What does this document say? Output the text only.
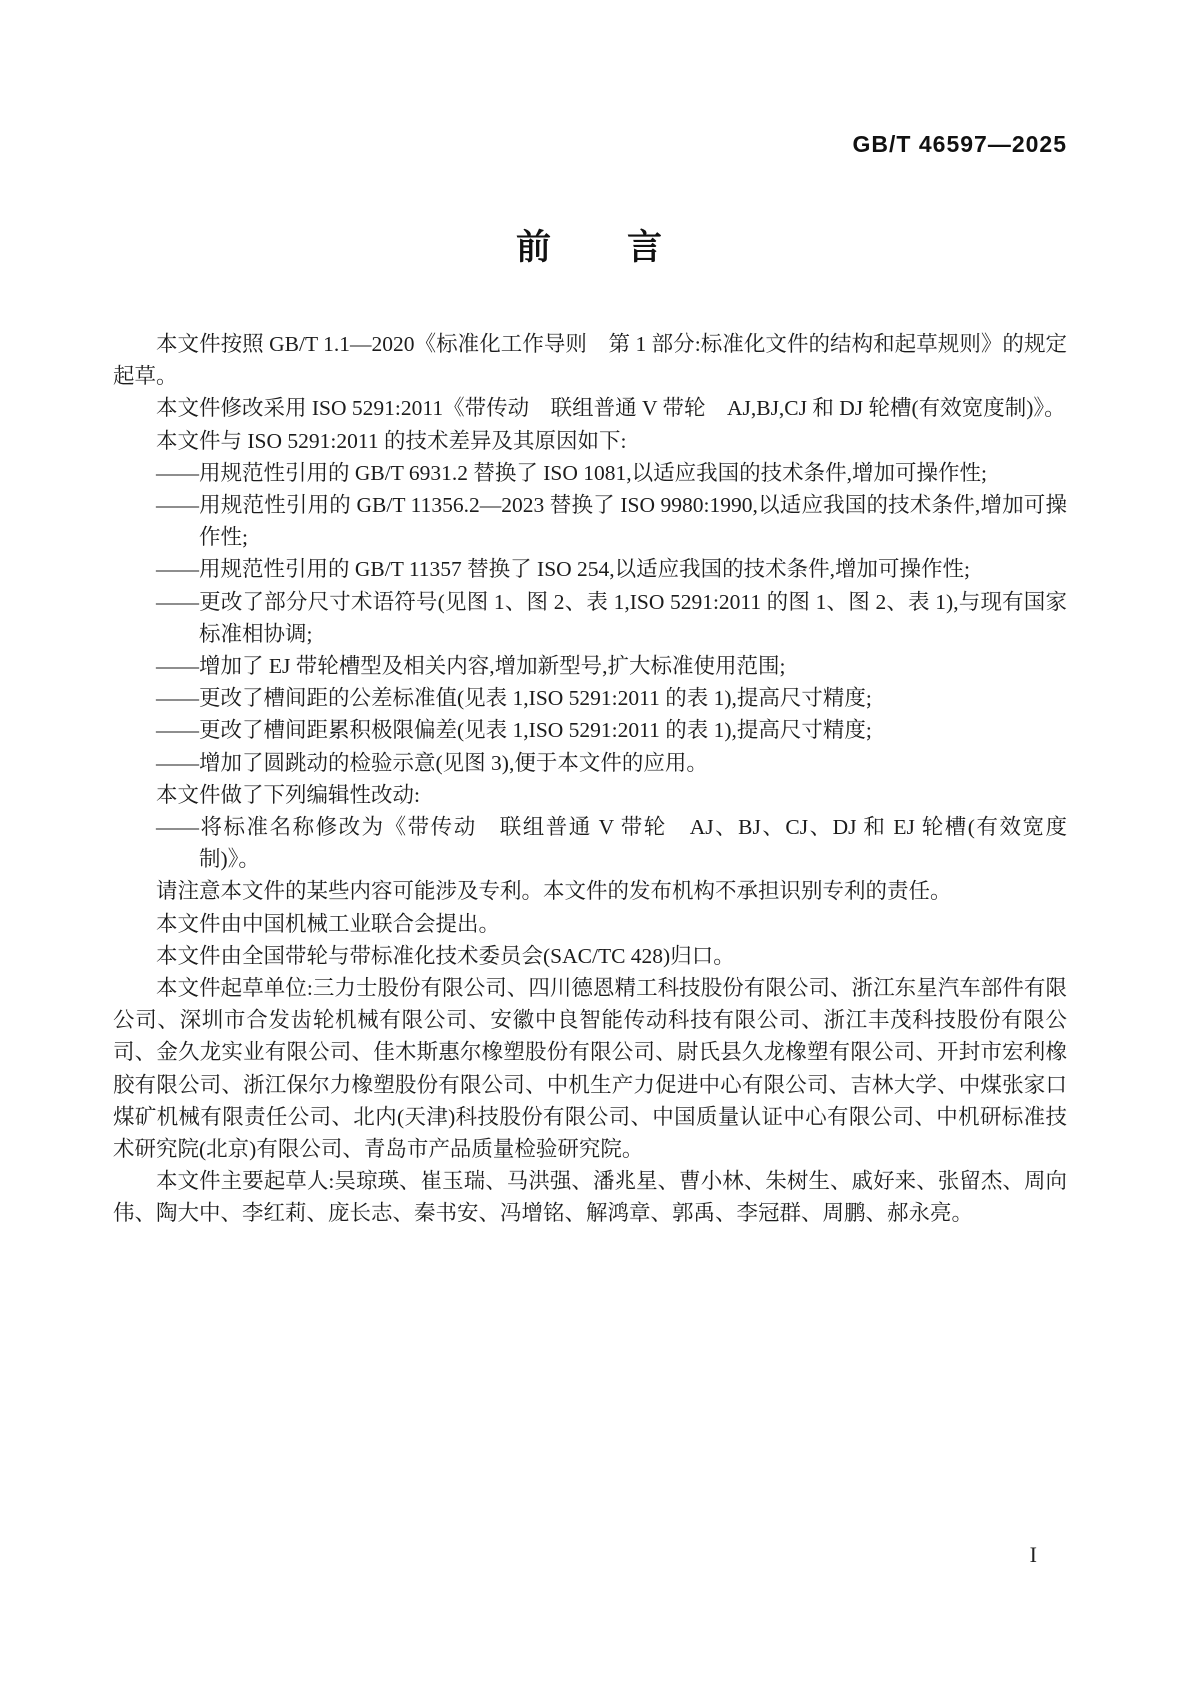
GB/T 46597—2025
前　　言

本文件按照 GB/T 1.1—2020《标准化工作导则　第 1 部分:标准化文件的结构和起草规则》的规定起草。

本文件修改采用 ISO 5291:2011《带传动　联组普通 V 带轮　AJ,BJ,CJ 和 DJ 轮槽(有效宽度制)》。

本文件与 ISO 5291:2011 的技术差异及其原因如下:

——用规范性引用的 GB/T 6931.2 替换了 ISO 1081,以适应我国的技术条件,增加可操作性;

——用规范性引用的 GB/T 11356.2—2023 替换了 ISO 9980:1990,以适应我国的技术条件,增加可操作性;

——用规范性引用的 GB/T 11357 替换了 ISO 254,以适应我国的技术条件,增加可操作性;

——更改了部分尺寸术语符号(见图 1、图 2、表 1,ISO 5291:2011 的图 1、图 2、表 1),与现有国家标准相协调;

——增加了 EJ 带轮槽型及相关内容,增加新型号,扩大标准使用范围;

——更改了槽间距的公差标准值(见表 1,ISO 5291:2011 的表 1),提高尺寸精度;

——更改了槽间距累积极限偏差(见表 1,ISO 5291:2011 的表 1),提高尺寸精度;

——增加了圆跳动的检验示意(见图 3),便于本文件的应用。

本文件做了下列编辑性改动:

——将标准名称修改为《带传动　联组普通 V 带轮　AJ、BJ、CJ、DJ 和 EJ 轮槽(有效宽度制)》。

请注意本文件的某些内容可能涉及专利。本文件的发布机构不承担识别专利的责任。

本文件由中国机械工业联合会提出。

本文件由全国带轮与带标准化技术委员会(SAC/TC 428)归口。

本文件起草单位:三力士股份有限公司、四川德恩精工科技股份有限公司、浙江东星汽车部件有限公司、深圳市合发齿轮机械有限公司、安徽中良智能传动科技有限公司、浙江丰茂科技股份有限公司、金久龙实业有限公司、佳木斯惠尔橡塑股份有限公司、尉氏县久龙橡塑有限公司、开封市宏利橡胶有限公司、浙江保尔力橡塑股份有限公司、中机生产力促进中心有限公司、吉林大学、中煤张家口煤矿机械有限责任公司、北内(天津)科技股份有限公司、中国质量认证中心有限公司、中机研标准技术研究院(北京)有限公司、青岛市产品质量检验研究院。

本文件主要起草人:吴琼瑛、崔玉瑞、马洪强、潘兆星、曹小林、朱树生、戚好来、张留杰、周向伟、陶大中、李红莉、庞长志、秦书安、冯增铭、解鸿章、郭禹、李冠群、周鹏、郝永亮。

I
